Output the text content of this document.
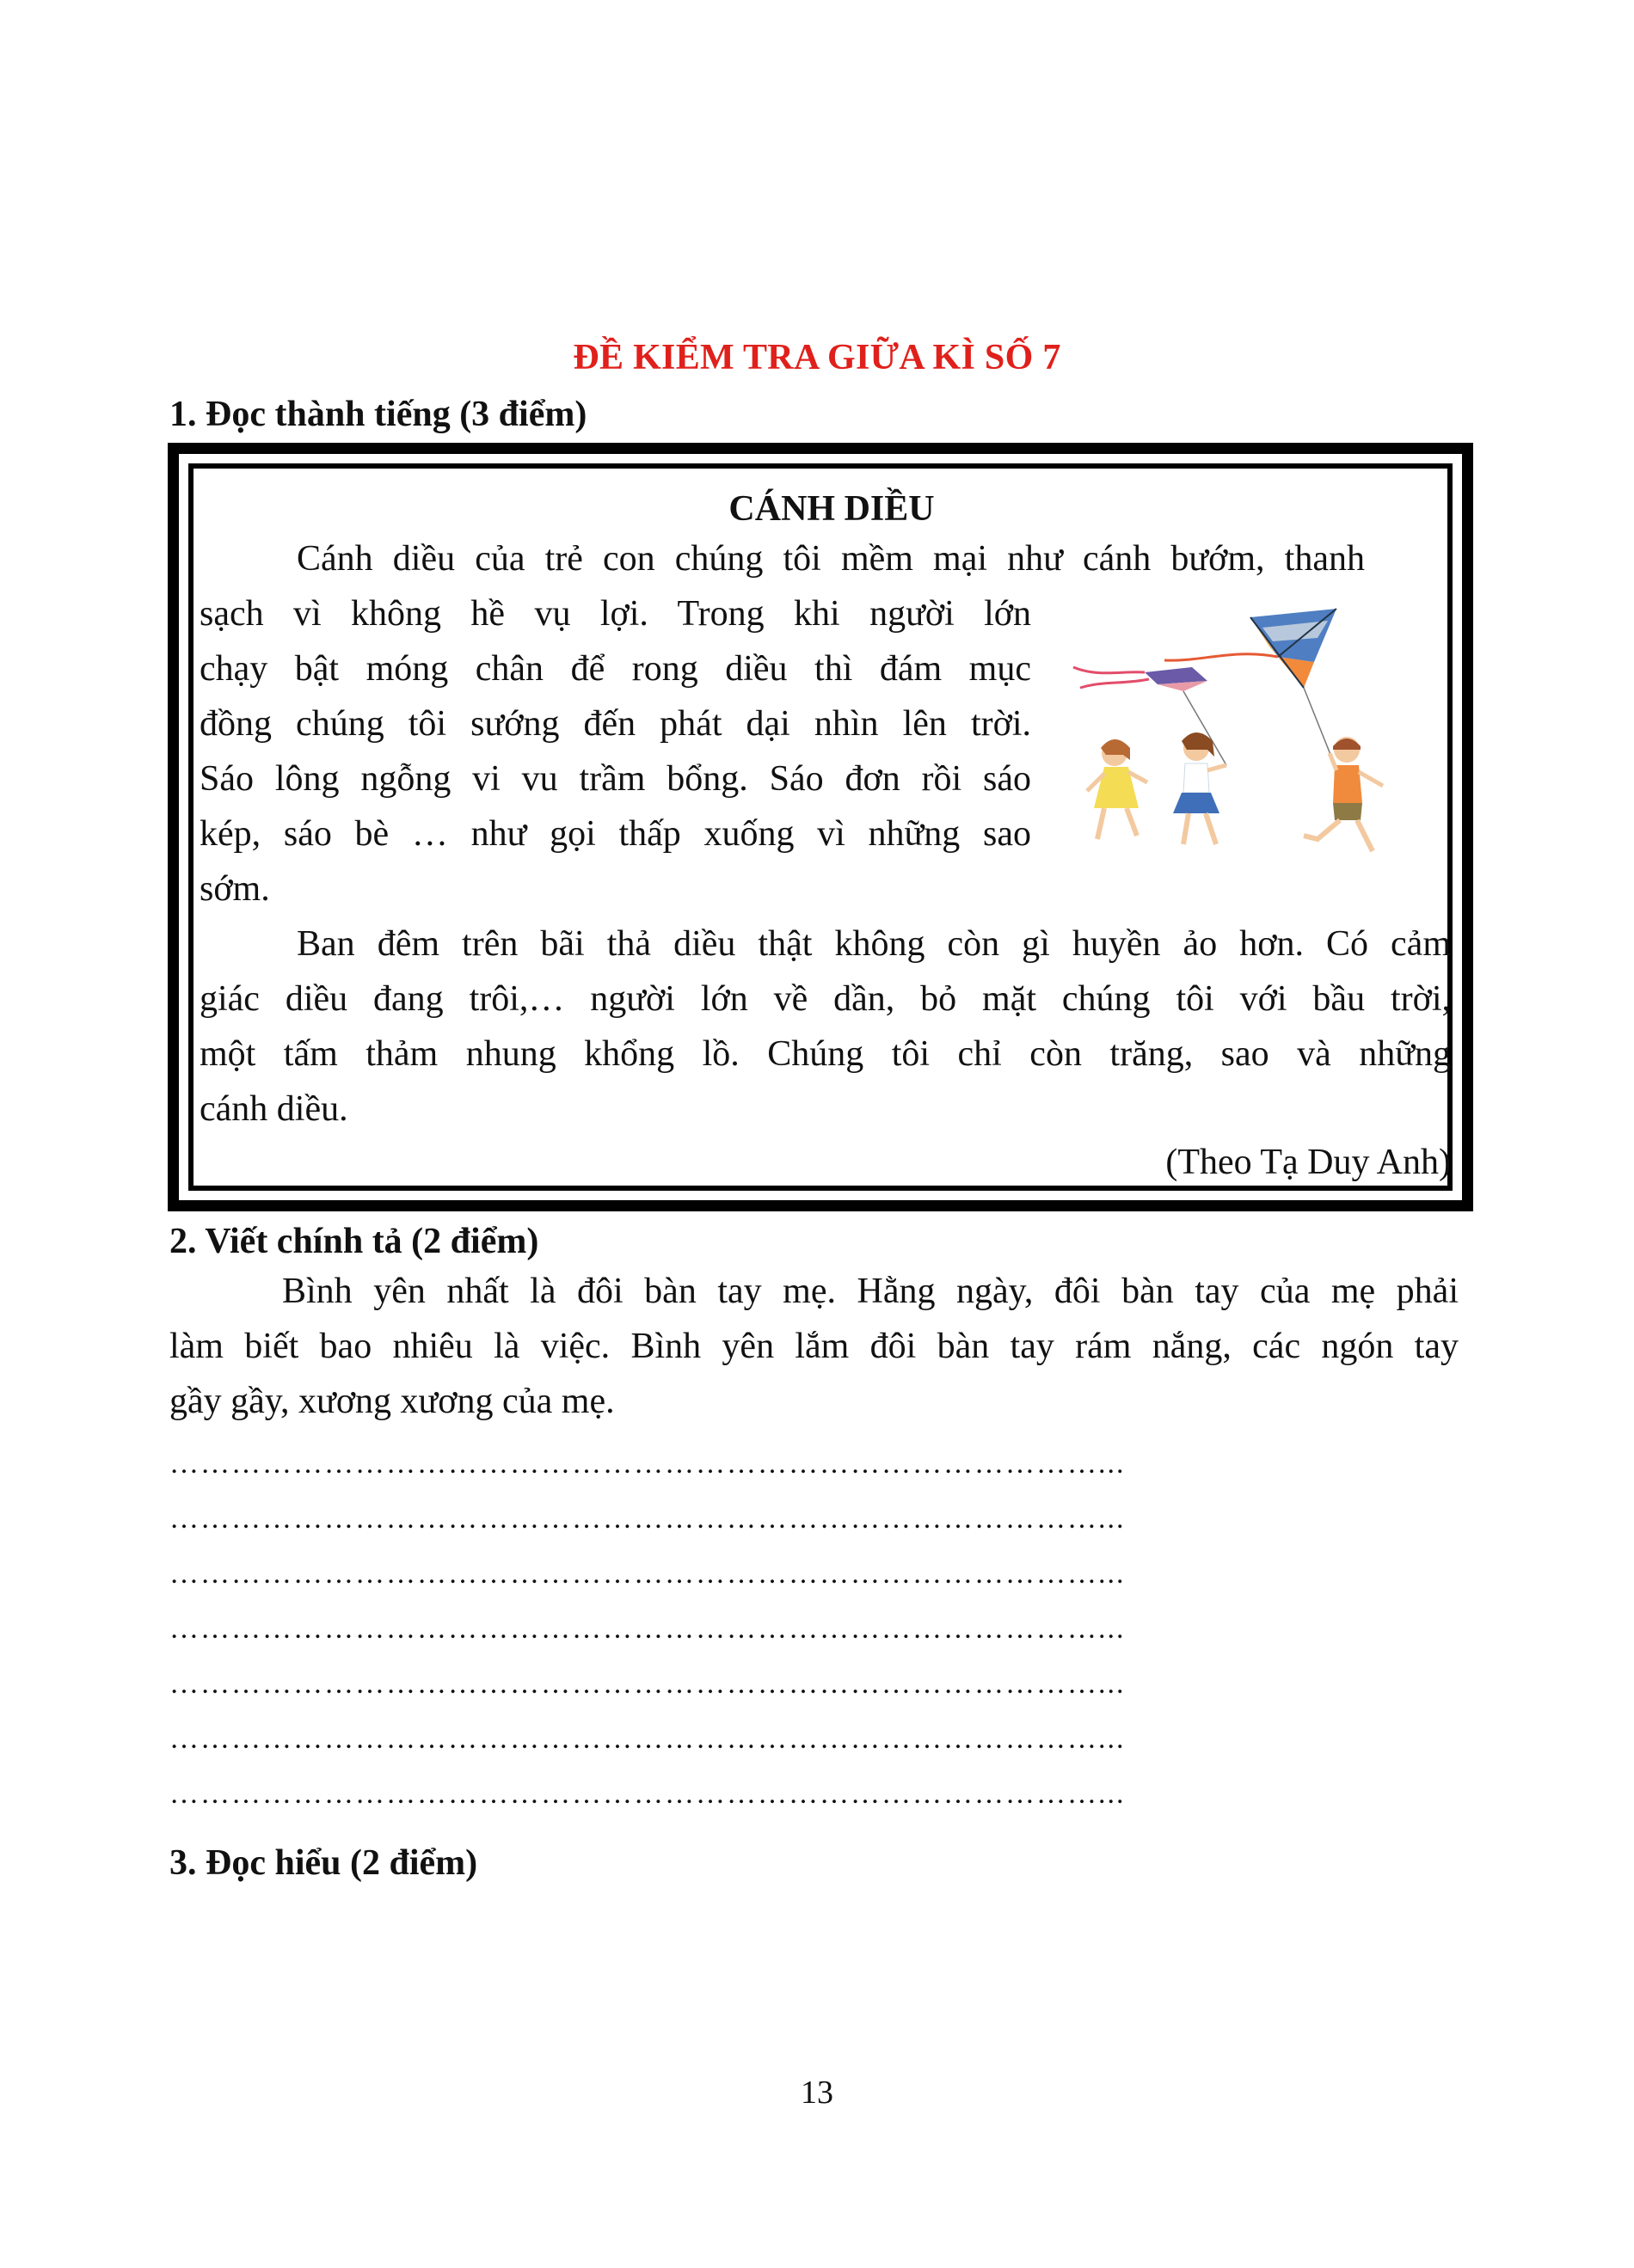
ĐỀ KIỂM TRA GIỮA KÌ SỐ 7
1. Đọc thành tiếng (3 điểm)
CÁNH DIỀU
Cánh diều của trẻ con chúng tôi mềm mại như cánh bướm, thanh
sạch vì không hề vụ lợi. Trong khi người lớn
chạy bật móng chân để rong diều thì đám mục
đồng chúng tôi sướng đến phát dại nhìn lên trời.
Sáo lông ngỗng vi vu trầm bổng. Sáo đơn rồi sáo
kép, sáo bè … như gọi thấp xuống vì những sao
sớm.
Ban đêm trên bãi thả diều thật không còn gì huyền ảo hơn. Có cảm
giác diều đang trôi,… người lớn về dần, bỏ mặt chúng tôi với bầu trời,
một tấm thảm nhung khổng lồ. Chúng tôi chỉ còn trăng, sao và những
cánh diều.
(Theo Tạ Duy Anh)
2. Viết chính tả (2 điểm)
Bình yên nhất là đôi bàn tay mẹ. Hằng ngày, đôi bàn tay của mẹ phải
làm biết bao nhiêu là việc. Bình yên lắm đôi bàn tay rám nắng, các ngón tay
gầy gầy, xương xương của mẹ.
………………………………………………………………………………...
………………………………………………………………………………...
………………………………………………………………………………...
………………………………………………………………………………...
………………………………………………………………………………...
………………………………………………………………………………...
………………………………………………………………………………...
3. Đọc hiểu (2 điểm)
13
